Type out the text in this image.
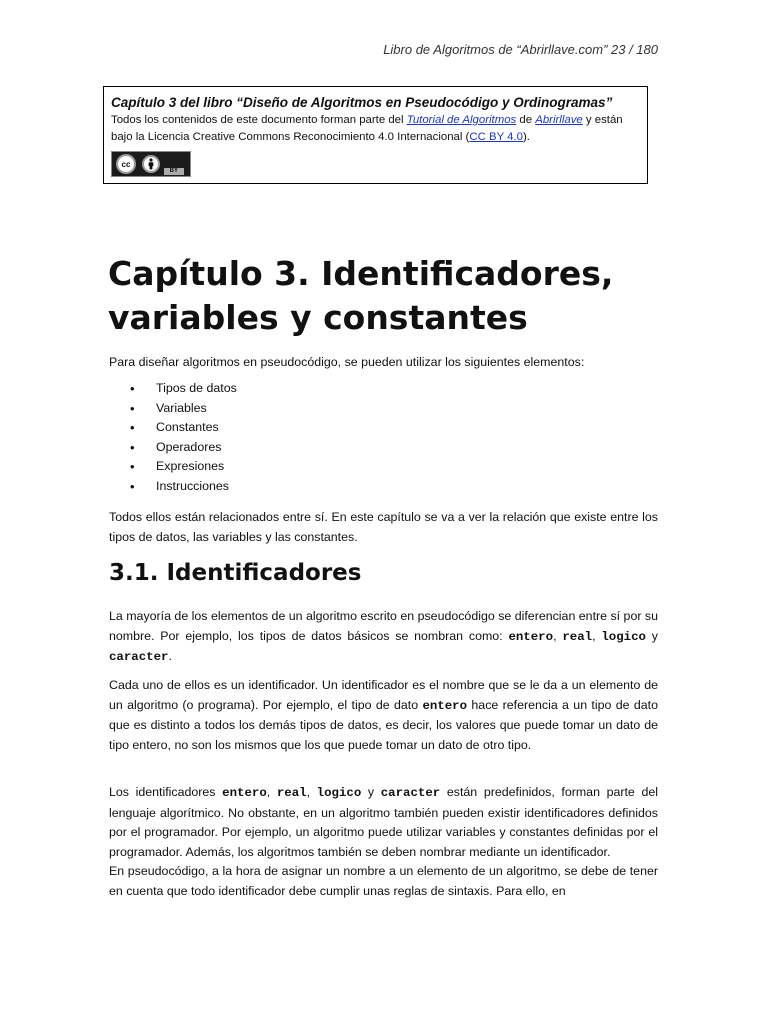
Libro de Algoritmos de “Abrirllave.com” 23 / 180

Capítulo 3 del libro “Diseño de Algoritmos en Pseudocódigo y Ordinogramas”

Todos los contenidos de este documento forman parte del Tutorial de Algoritmos de Abrirllave y están bajo la Licencia Creative Commons Reconocimiento 4.0 Internacional (CC BY 4.0).

cc
BY
Capítulo 3. Identificadores, variables y constantes

Para diseñar algoritmos en pseudocódigo, se pueden utilizar los siguientes elementos:

• Tipos de datos
• Variables
• Constantes
• Operadores
• Expresiones
• Instrucciones

Todos ellos están relacionados entre sí. En este capítulo se va a ver la relación que existe entre los tipos de datos, las variables y las constantes.

3.1. Identificadores

La mayoría de los elementos de un algoritmo escrito en pseudocódigo se diferencian entre sí por su nombre. Por ejemplo, los tipos de datos básicos se nombran como: entero, real, logico y caracter.

Cada uno de ellos es un identificador. Un identificador es el nombre que se le da a un elemento de un algoritmo (o programa). Por ejemplo, el tipo de dato entero hace referencia a un tipo de dato que es distinto a todos los demás tipos de datos, es decir, los valores que puede tomar un dato de tipo entero, no son los mismos que los que puede tomar un dato de otro tipo.

Los identificadores entero, real, logico y caracter están predefinidos, forman parte del lenguaje algorítmico. No obstante, en un algoritmo también pueden existir identificadores definidos por el programador. Por ejemplo, un algoritmo puede utilizar variables y constantes definidas por el programador. Además, los algoritmos también se deben nombrar mediante un identificador.

En pseudocódigo, a la hora de asignar un nombre a un elemento de un algoritmo, se debe de tener en cuenta que todo identificador debe cumplir unas reglas de sintaxis. Para ello, en
